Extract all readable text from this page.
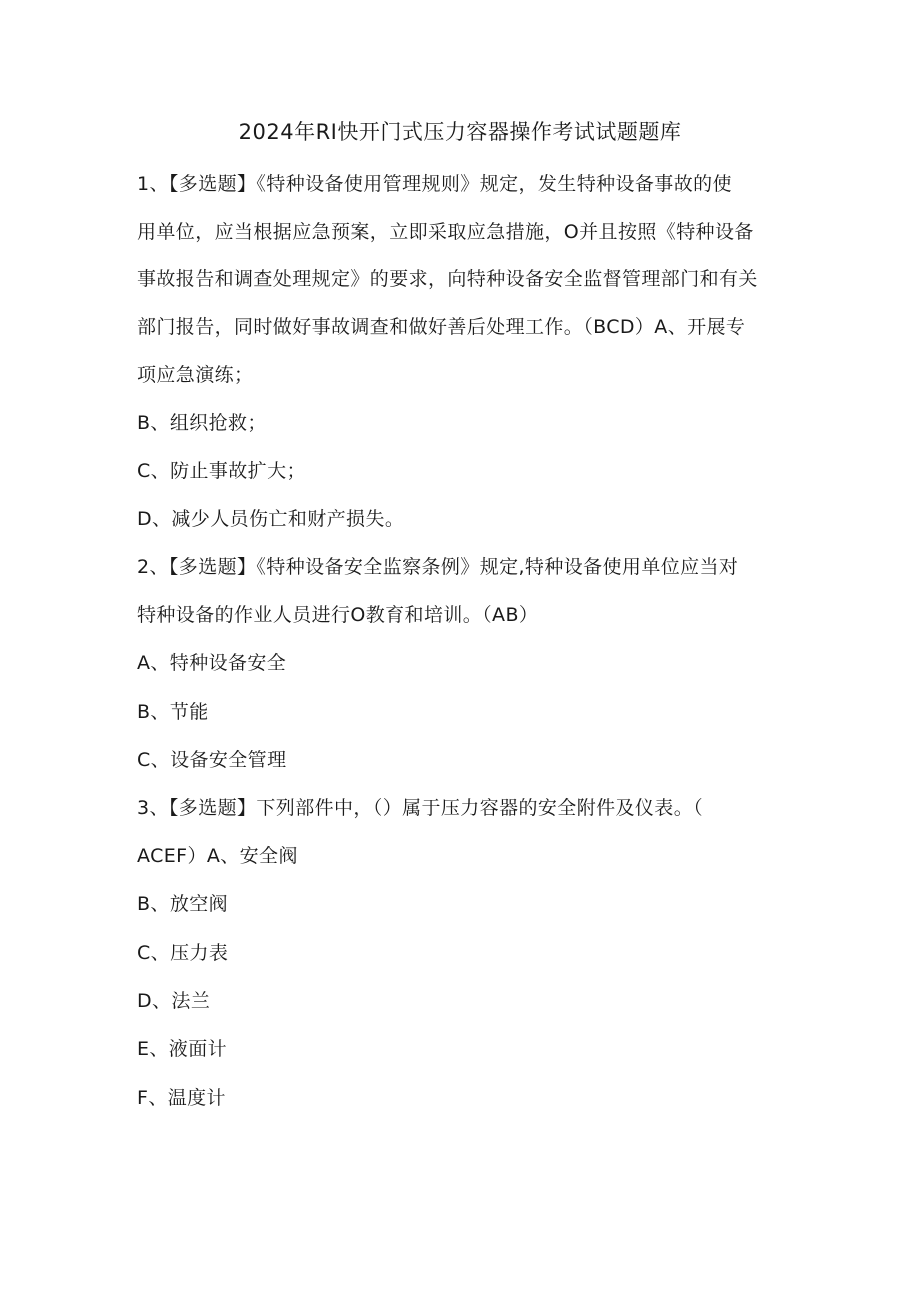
2024年RI快开门式压力容器操作考试试题题库
1、【多选题】《特种设备使用管理规则》规定，发生特种设备事故的使
用单位，应当根据应急预案，立即采取应急措施，O并且按照《特种设备
事故报告和调查处理规定》的要求，向特种设备安全监督管理部门和有关
部门报告，同时做好事故调查和做好善后处理工作。（BCD）A、开展专
项应急演练；
B、组织抢救；
C、防止事故扩大；
D、减少人员伤亡和财产损失。
2、【多选题】《特种设备安全监察条例》规定,特种设备使用单位应当对
特种设备的作业人员进行O教育和培训。（AB）
A、特种设备安全
B、节能
C、设备安全管理
3、【多选题】下列部件中，（）属于压力容器的安全附件及仪表。（
ACEF）A、安全阀
B、放空阀
C、压力表
D、法兰
E、液面计
F、温度计
